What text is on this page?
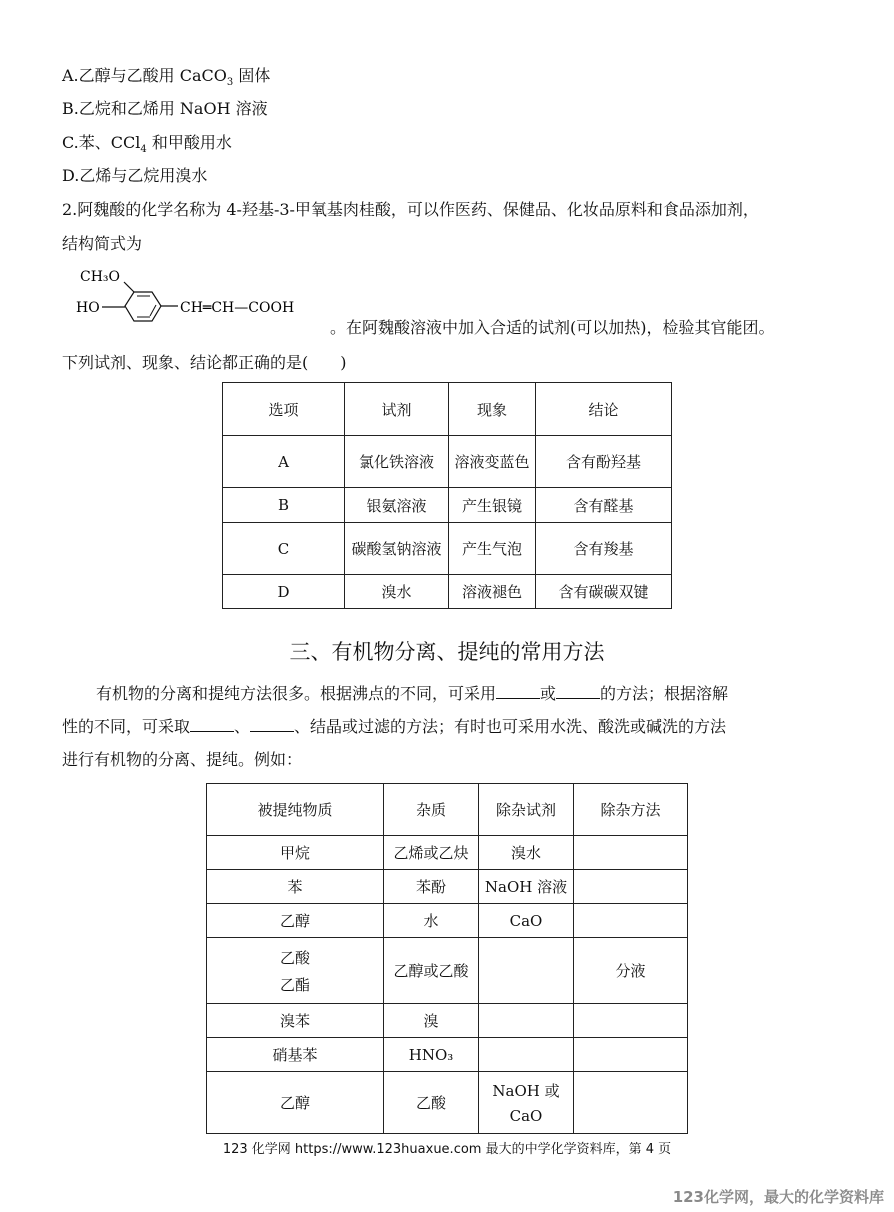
A.乙醇与乙酸用 CaCO$_3$ 固体
B.乙烷和乙烯用 NaOH 溶液
C.苯、CCl$_4$ 和甲酸用水
D.乙烯与乙烷用溴水
2.阿魏酸的化学名称为 4-羟基-3-甲氧基肉桂酸，可以作医药、保健品、化妆品原料和食品添加剂，
结构简式为
CH₃O
HO	CH═CH—COOH
。在阿魏酸溶液中加入合适的试剂(可以加热)，检验其官能团。
下列试剂、现象、结论都正确的是(　　)
选项	试剂	现象	结论
A	氯化铁溶液	溶液变蓝色	含有酚羟基
B	银氨溶液	产生银镜	含有醛基
C	碳酸氢钠溶液	产生气泡	含有羧基
D	溴水	溶液褪色	含有碳碳双键
三、有机物分离、提纯的常用方法
有机物的分离和提纯方法很多。根据沸点的不同，可采用	或	的方法；根据溶解
性的不同，可采取	、	、结晶或过滤的方法；有时也可采用水洗、酸洗或碱洗的方法
进行有机物的分离、提纯。例如：
被提纯物质	杂质	除杂试剂	除杂方法
甲烷	乙烯或乙炔	溴水	
苯	苯酚	NaOH 溶液	
乙醇	水	CaO	

乙酸
乙酯	乙醇或乙酸		分液
溴苯	溴		
硝基苯	HNO₃		
乙醇	乙酸	NaOH 或
CaO	

123 化学网 https://www.123huaxue.com 最大的中学化学资料库，第 4 页
123化学网，最大的化学资料库
